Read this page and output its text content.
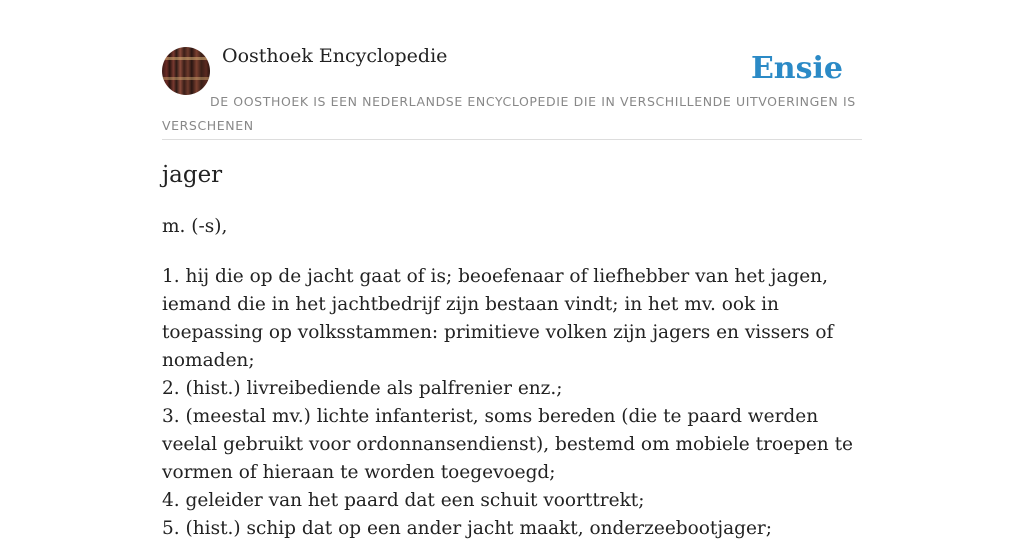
Oosthoek Encyclopedie	Ensie
DE OOSTHOEK IS EEN NEDERLANDSE ENCYCLOPEDIE DIE IN VERSCHILLENDE UITVOERINGEN IS VERSCHENEN
jager
m. (-s),
1. hij die op de jacht gaat of is; beoefenaar of liefhebber van het jagen, iemand die in het jachtbedrijf zijn bestaan vindt; in het mv. ook in toepassing op volksstammen: primitieve volken zijn jagers en vissers of nomaden;
2. (hist.) livreibediende als palfrenier enz.;
3. (meestal mv.) lichte infanterist, soms bereden (die te paard werden veelal gebruikt voor ordonnansendienst), bestemd om mobiele troepen te vormen of hieraan te worden toegevoegd;
4. geleider van het paard dat een schuit voorttrekt;
5. (hist.) schip dat op een ander jacht maakt, onderzeebootjager;
